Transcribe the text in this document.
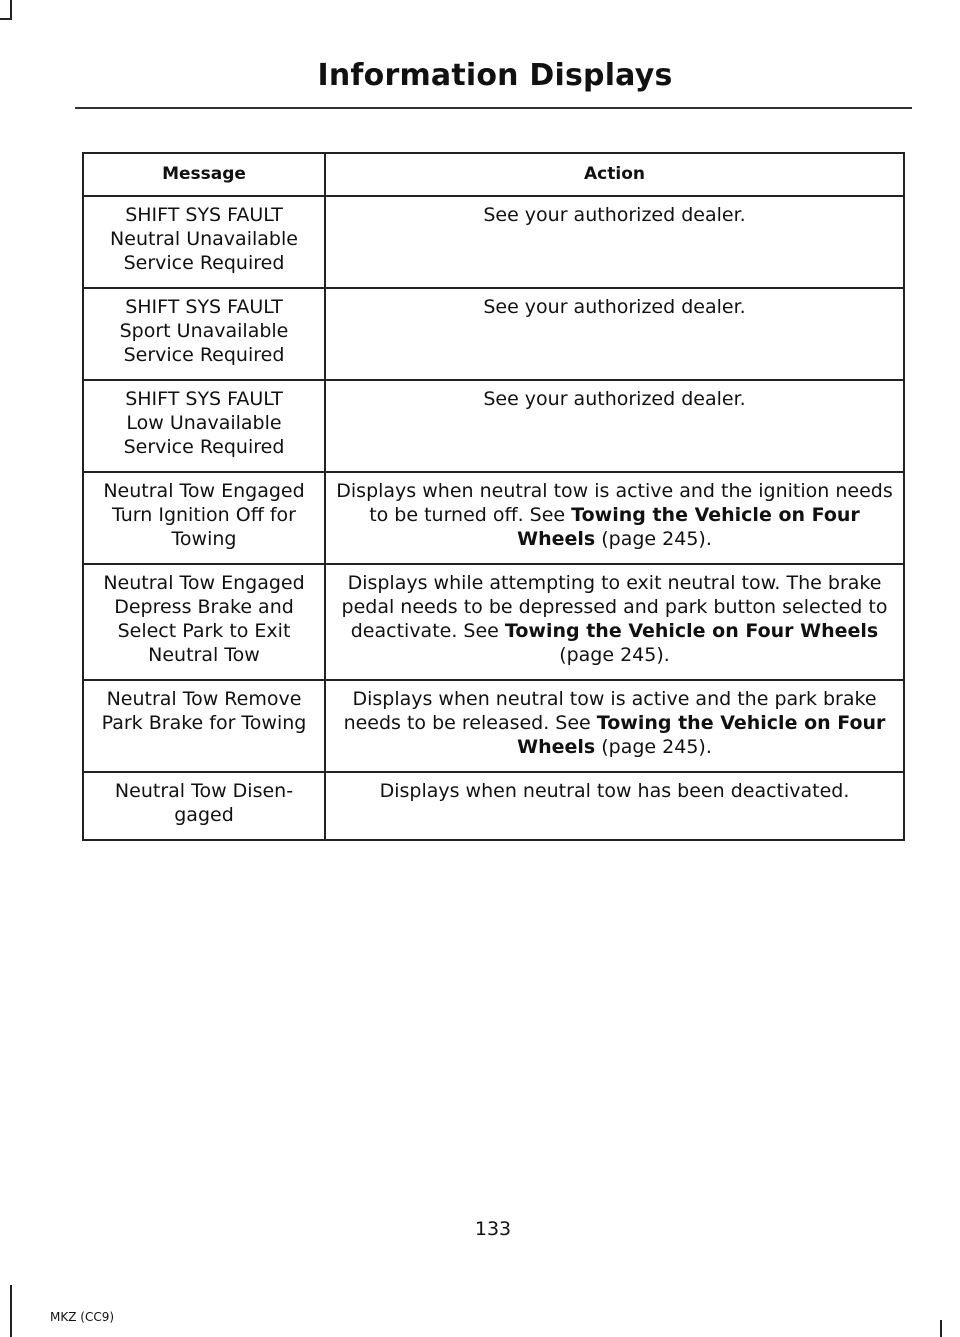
Information Displays
Message	Action

SHIFT SYS FAULT
Neutral Unavailable
Service Required	See your authorized dealer.

SHIFT SYS FAULT
Sport Unavailable
Service Required	See your authorized dealer.

SHIFT SYS FAULT
Low Unavailable
Service Required	See your authorized dealer.

Neutral Tow Engaged
Turn Ignition Off for
Towing	Displays when neutral tow is active and the ignition needs to be turned off. See Towing the Vehicle on Four Wheels (page 245).

Neutral Tow Engaged
Depress Brake and
Select Park to Exit
Neutral Tow	Displays while attempting to exit neutral tow. The brake pedal needs to be depressed and park button selected to deactivate. See Towing the Vehicle on Four Wheels (page 245).

Neutral Tow Remove
Park Brake for Towing	Displays when neutral tow is active and the park brake needs to be released. See Towing the Vehicle on Four Wheels (page 245).

Neutral Tow Disen-
gaged	Displays when neutral tow has been deactivated.
133
MKZ (CC9)
